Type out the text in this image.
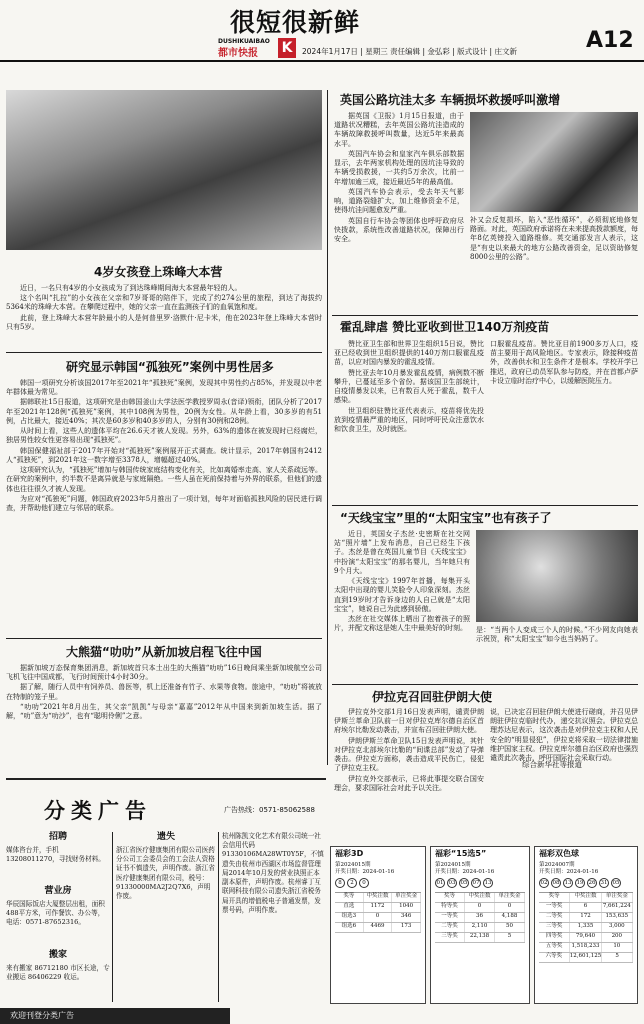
很短很新鲜
DUSHIKUAIBAO
都市快报 K	2024年1月17日 | 星期三 责任编辑 | 金弘彩 | 版式设计 | 庄文新	A12
4岁女孩登上珠峰大本营

近日，一名只有4岁的小女孩成为了到达珠峰期间海大本营最年轻的人。

这个名叫“扎拉”的小女孩在父亲和7岁哥哥的陪伴下，完成了约274公里的旅程，到达了海拔约5364米的珠峰大本营。在攀爬过程中，她的父亲一直在监测孩子们的血氧饱和度。

此前，登上珠峰大本营年龄最小的人是何普里罗·洛默什·尼卡米，他在2023年登上珠峰大本营时只有5岁。

研究显示韩国“孤独死”案例中男性居多

韩国一项研究分析该国2017年至2021年“孤独死”案例，发现其中男性约占85%，并发现以中老年群体最为常见。

据韩联社15日报道，这项研究是由韩国釜山大学法医学教授罗周永(音译)领衔，团队分析了2017年至2021年128例“孤独死”案例，其中108例为男性，20例为女性。从年龄上看，30多岁的有51例，占比最大，接近40%；其次是60多岁和40多岁的人，分别有30例和28例。

从时间上看，这些人的遗体平均在26.6天才被人发现。另外，63%的遗体在被发现时已经腐烂，独居男性较女性更容易出现“孤独死”。

韩国保健福祉部于2017年开始对“孤独死”案例展开正式调查。统计显示，2017年韩国有2412人“孤独死”，到2021年这一数字增至3378人，增幅超过40%。

这项研究认为，“孤独死”增加与韩国传统家庭结构变化有关，比如离婚率走高、家人关系疏远等。在研究的案例中，约半数不是离异就是与家庭隔绝。一些人虽在死前保持着与外界的联系，但他们的遗体也往往很久才被人发现。

为应对“孤独死”问题，韩国政府2023年5月推出了一项计划，每年对面临孤独风险的居民进行调查，并帮助他们建立与邻居的联系。

大熊猫“叻叻”从新加坡启程飞往中国

据新加坡万态保育集团消息，新加坡首只本土出生的大熊猫“叻叻”16日晚间乘坐新加坡航空公司飞机飞往中国成都，飞行时间预计4小时30分。

据了解，随行人员中有饲养员、兽医等，机上还准备有竹子、水果等食物。旅途中，“叻叻”将被放在特制的笼子里。

“叻叻”2021年8月出生，其父亲“凯凯”与母亲“嘉嘉”2012年从中国来到新加坡生活。据了解，“叻”意为“叻沙”，也有“聪明伶俐”之意。

英国公路坑洼太多 车辆损坏救援呼叫激增

据英国《卫报》1月15日报道，由于道路状况糟糕，去年英国公路坑洼造成的车辆故障救援呼叫数量，达近5年来最高水平。

英国汽车协会和皇家汽车俱乐部数据显示，去年两家机构处理的因坑洼导致的车辆受损救援，一共约5万余次，比前一年增加逾三成，接近最近5年的最高值。

英国汽车协会表示，受去年天气影响，道路裂缝扩大，加上维修资金不足，使得坑洼问题愈发严重。

英国自行车协会等团体也呼吁政府尽快拨款，系统性改善道路状况，保障出行安全。

补又会反复损坏，陷入“恶性循环”，必须彻底地修复路面。对此，英国政府承诺将在未来提高拨款额度，每年8亿英镑投入道路维修。英交通部发言人表示，这是“有史以来最大的地方公路改善资金，足以资助修复8000公里的公路”。
霍乱肆虐 赞比亚收到世卫140万剂疫苗

赞比亚卫生部和世界卫生组织15日说，赞比亚已经收到世卫组织提供的140万剂口服霍乱疫苗，以应对国内暴发的霍乱疫情。

赞比亚去年10月暴发霍乱疫情，病例数不断攀升，已蔓延至多个省份。据该国卫生部统计，自疫情暴发以来，已有数百人死于霍乱，数千人感染。

世卫组织驻赞比亚代表表示，疫苗将优先投放到疫情最严重的地区，同时呼吁民众注意饮水和饮食卫生，及时就医。

口服霍乱疫苗。赞比亚目前1900多万人口，疫苗主要用于高风险地区。专家表示，除接种疫苗外，改善供水和卫生条件才是根本。学校开学已推迟，政府已动员军队参与防疫，并在首都卢萨卡设立临时治疗中心，以缓解医院压力。
“天线宝宝”里的“太阳宝宝”也有孩子了

近日，英国女子杰丝·史密斯在社交网站“照片墙”上发布消息，自己已经生下孩子。杰丝是曾在英国儿童节目《天线宝宝》中扮演“太阳宝宝”的那名婴儿，当年她只有9个月大。

《天线宝宝》1997年首播，每集开头太阳中出现的婴儿笑脸令人印象深刻。杰丝直到19岁时才告诉身边的人自己就是“太阳宝宝”，她说自己为此感到骄傲。

杰丝在社交媒体上晒出了抱着孩子的照片，并配文称这是她人生中最美好的时刻。	是：“当两个人变成三个人的时候。”不少网友向她表示祝贺，称“太阳宝宝”如今也当妈妈了。
伊拉克召回驻伊朗大使

伊拉克外交部1月16日发表声明，谴责伊朗伊斯兰革命卫队前一日对伊拉克库尔德自治区首府埃尔比勒发动袭击，并宣布召回驻伊朗大使。

伊朗伊斯兰革命卫队15日发表声明说，其针对伊拉克北部埃尔比勒的“间谍总部”发动了导弹袭击。伊拉克方面称，袭击造成平民伤亡，侵犯了伊拉克主权。

伊拉克外交部表示，已将此事提交联合国安理会，要求国际社会对此予以关注。

说，已决定召回驻伊朗大使进行磋商，并召见伊朗驻伊拉克临时代办，递交抗议照会。伊拉克总理苏达尼表示，这次袭击是对伊拉克主权和人民安全的“明显侵犯”，伊拉克将采取一切法律措施维护国家主权。伊拉克库尔德自治区政府也强烈谴责此次袭击，呼吁国际社会采取行动。
综合新华社等报道
分类广告	广告热线：0571-85062588
招聘
媒体咨台并，手机 13208011270，寻找财务材料。
营业房
华辰国际饭店大厦整层出租，面积488平方米，可作餐饮、办公等，电话：0571-87652316。
搬家
来有搬家 86712180 市区长途，专业搬运 86406229 收运。
遗失
浙江省医疗健康集团有限公司医药分公司工会委员会的工会法人资格证书不慎遗失，声明作废。浙江省医疗健康集团有限公司，税号：91330000MA2J2Q7X6，声明作废。
杭州陈凯文化艺术有限公司统一社会信用代码 91330106MA28WT0Y5F，不慎遗失由杭州市西湖区市场监督管理局2014年10月发的营业执照正本副本原件，声明作废。杭州睿丁互联网科技有限公司遗失浙江省税务局开具的增值税电子普通发票，发票号码，声明作废。
福彩3D
第2024015期
开奖日期：2024-01-16
8	2	0
奖等	中奖注数	单注奖金
直选	1172	1040
组选3	0	346
组选6	4469	173
福彩“15选5”
第2024015期
开奖日期：2024-01-16
01 03 05 07 13
奖等	中奖注数	单注奖金
特等奖	0	0
一等奖	36	4,188
二等奖	2,110	50
三等奖	22,138	5
福彩双色球
第2024007期
开奖日期：2024-01-16
02 08 13 19 26 31 05
奖等	中奖注数	单注奖金
一等奖	6	7,661,224
二等奖	172	153,635
三等奖	1,335	3,000
四等奖	79,640	200
五等奖	1,518,233	10
六等奖	12,601,125	5
欢迎刊登分类广告
